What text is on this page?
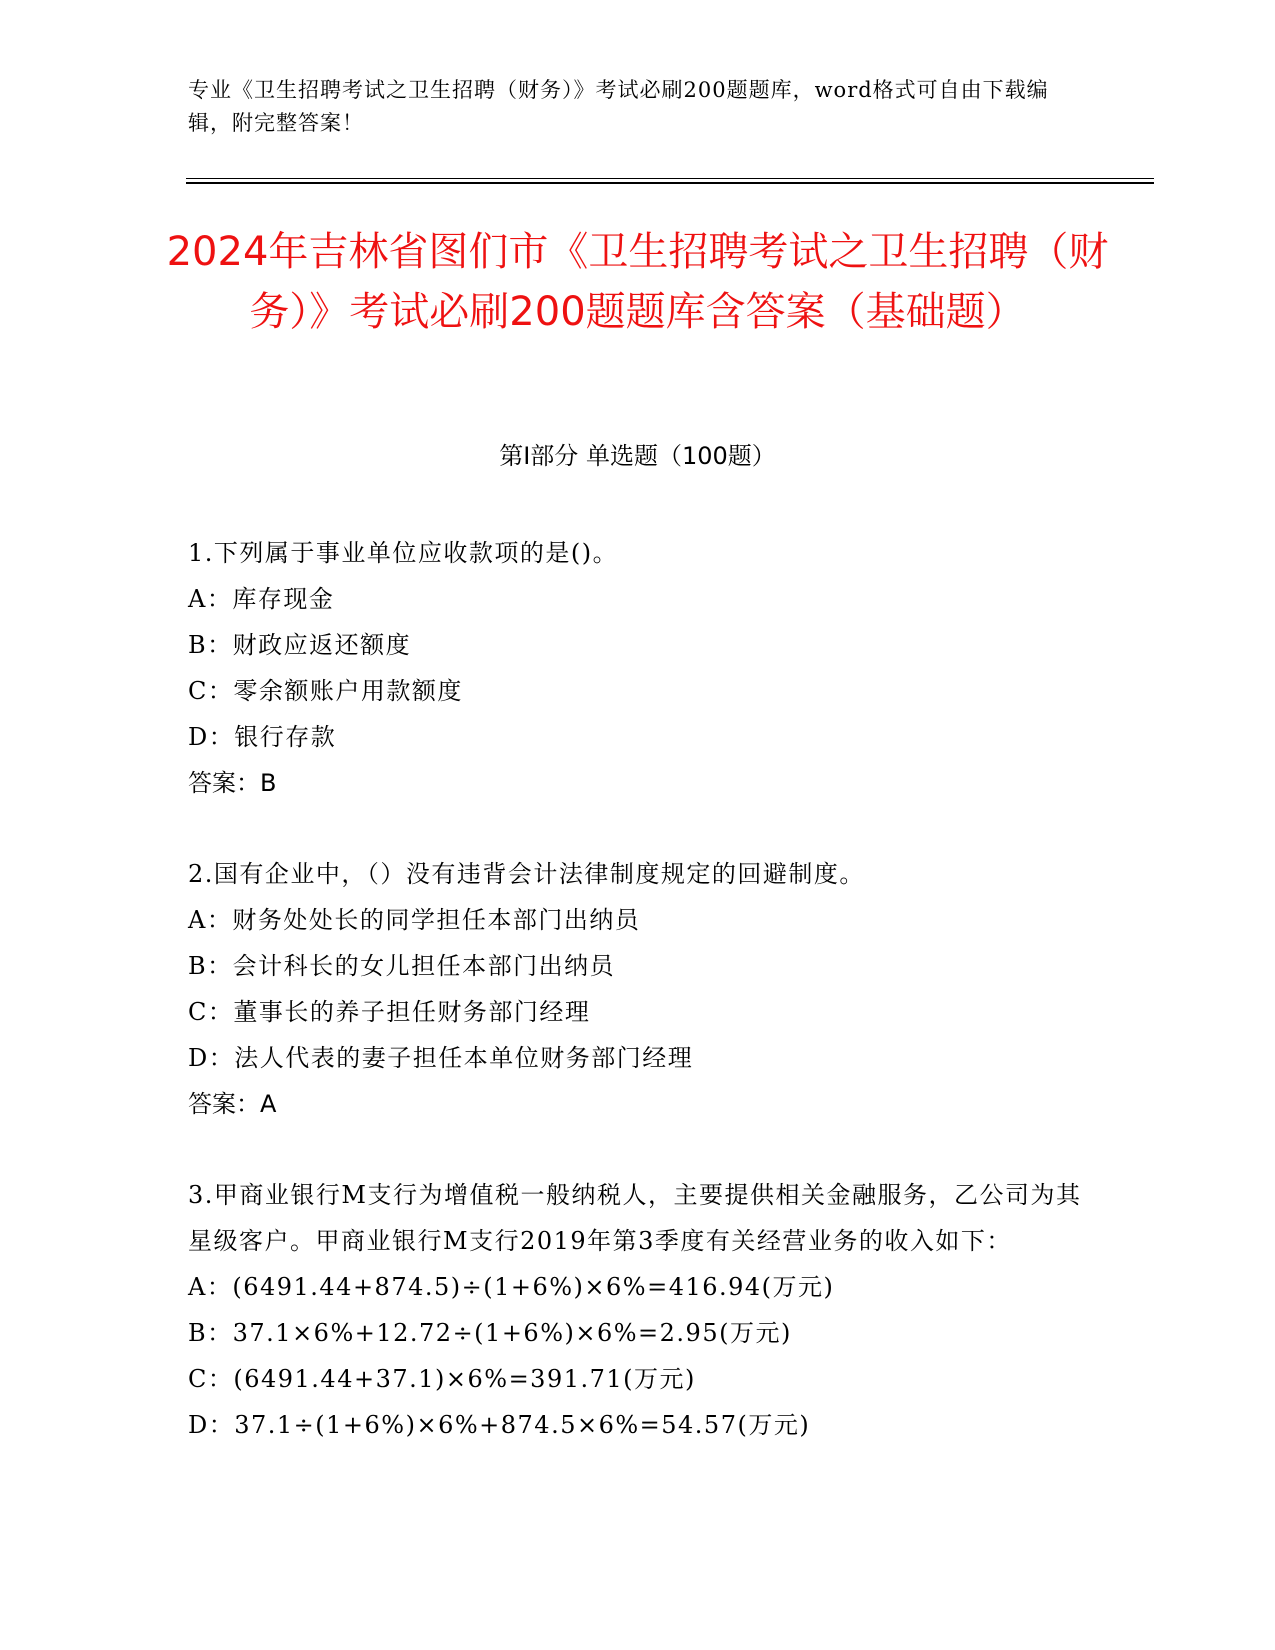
专业《卫生招聘考试之卫生招聘（财务）》考试必刷200题题库，word格式可自由下载编辑，附完整答案！
2024年吉林省图们市《卫生招聘考试之卫生招聘（财务）》考试必刷200题题库含答案（基础题）
第I部分 单选题（100题）
1.下列属于事业单位应收款项的是()。
A：库存现金
B：财政应返还额度
C：零余额账户用款额度
D：银行存款
答案：B
2.国有企业中，（）没有违背会计法律制度规定的回避制度。
A：财务处处长的同学担任本部门出纳员
B：会计科长的女儿担任本部门出纳员
C：董事长的养子担任财务部门经理
D：法人代表的妻子担任本单位财务部门经理
答案：A
3.甲商业银行M支行为增值税一般纳税人，主要提供相关金融服务，乙公司为其星级客户。甲商业银行M支行2019年第3季度有关经营业务的收入如下：
A：(6491.44+874.5)÷(1+6%)×6%=416.94(万元)
B：37.1×6%+12.72÷(1+6%)×6%=2.95(万元)
C：(6491.44+37.1)×6%=391.71(万元)
D：37.1÷(1+6%)×6%+874.5×6%=54.57(万元)
